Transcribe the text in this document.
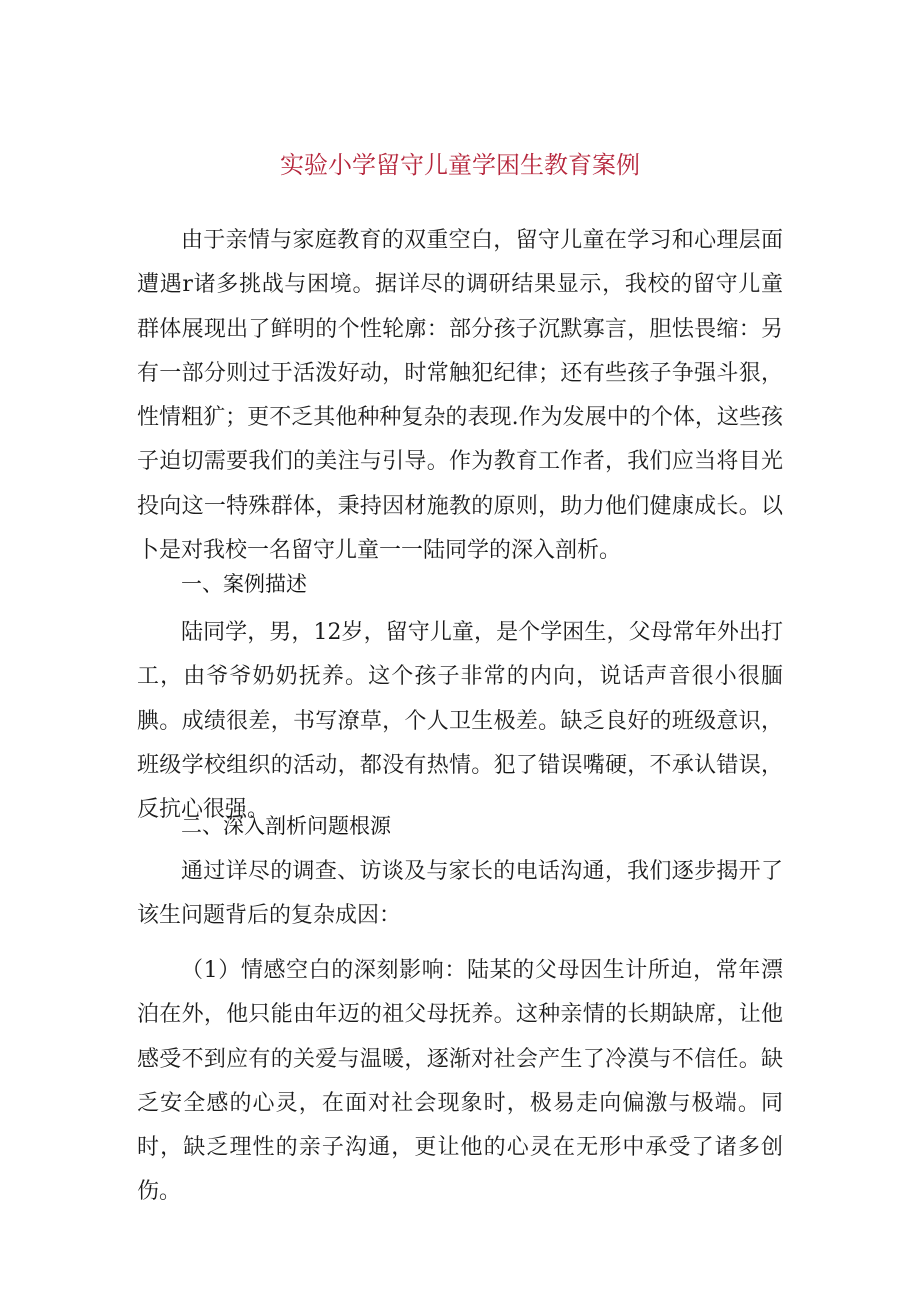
实验小学留守儿童学困生教育案例

由于亲情与家庭教育的双重空白，留守儿童在学习和心理层面遭遇r诸多挑战与困境。据详尽的调研结果显示，我校的留守儿童群体展现出了鲜明的个性轮廓：部分孩子沉默寡言，胆怯畏缩：另有一部分则过于活泼好动，时常触犯纪律；还有些孩子争强斗狠，性情粗犷；更不乏其他种种复杂的表现.作为发展中的个体，这些孩子迫切需要我们的美注与引导。作为教育工作者，我们应当将目光投向这一特殊群体，秉持因材施教的原则，助力他们健康成长。以卜是对我校一名留守儿童一一陆同学的深入剖析。

一、案例描述

陆同学，男，12岁，留守儿童，是个学困生，父母常年外出打工，由爷爷奶奶抚养。这个孩子非常的内向，说话声音很小很腼腆。成绩很差，书写潦草，个人卫生极差。缺乏良好的班级意识，班级学校组织的活动，都没有热情。犯了错误嘴硬，不承认错误，反抗心很强。

二、深入剖析问题根源

通过详尽的调查、访谈及与家长的电话沟通，我们逐步揭开了该生问题背后的复杂成因：

（1）情感空白的深刻影响：陆某的父母因生计所迫，常年漂泊在外，他只能由年迈的祖父母抚养。这种亲情的长期缺席，让他感受不到应有的关爱与温暖，逐渐对社会产生了冷漠与不信任。缺乏安全感的心灵，在面对社会现象时，极易走向偏激与极端。同时，缺乏理性的亲子沟通，更让他的心灵在无形中承受了诸多创伤。
